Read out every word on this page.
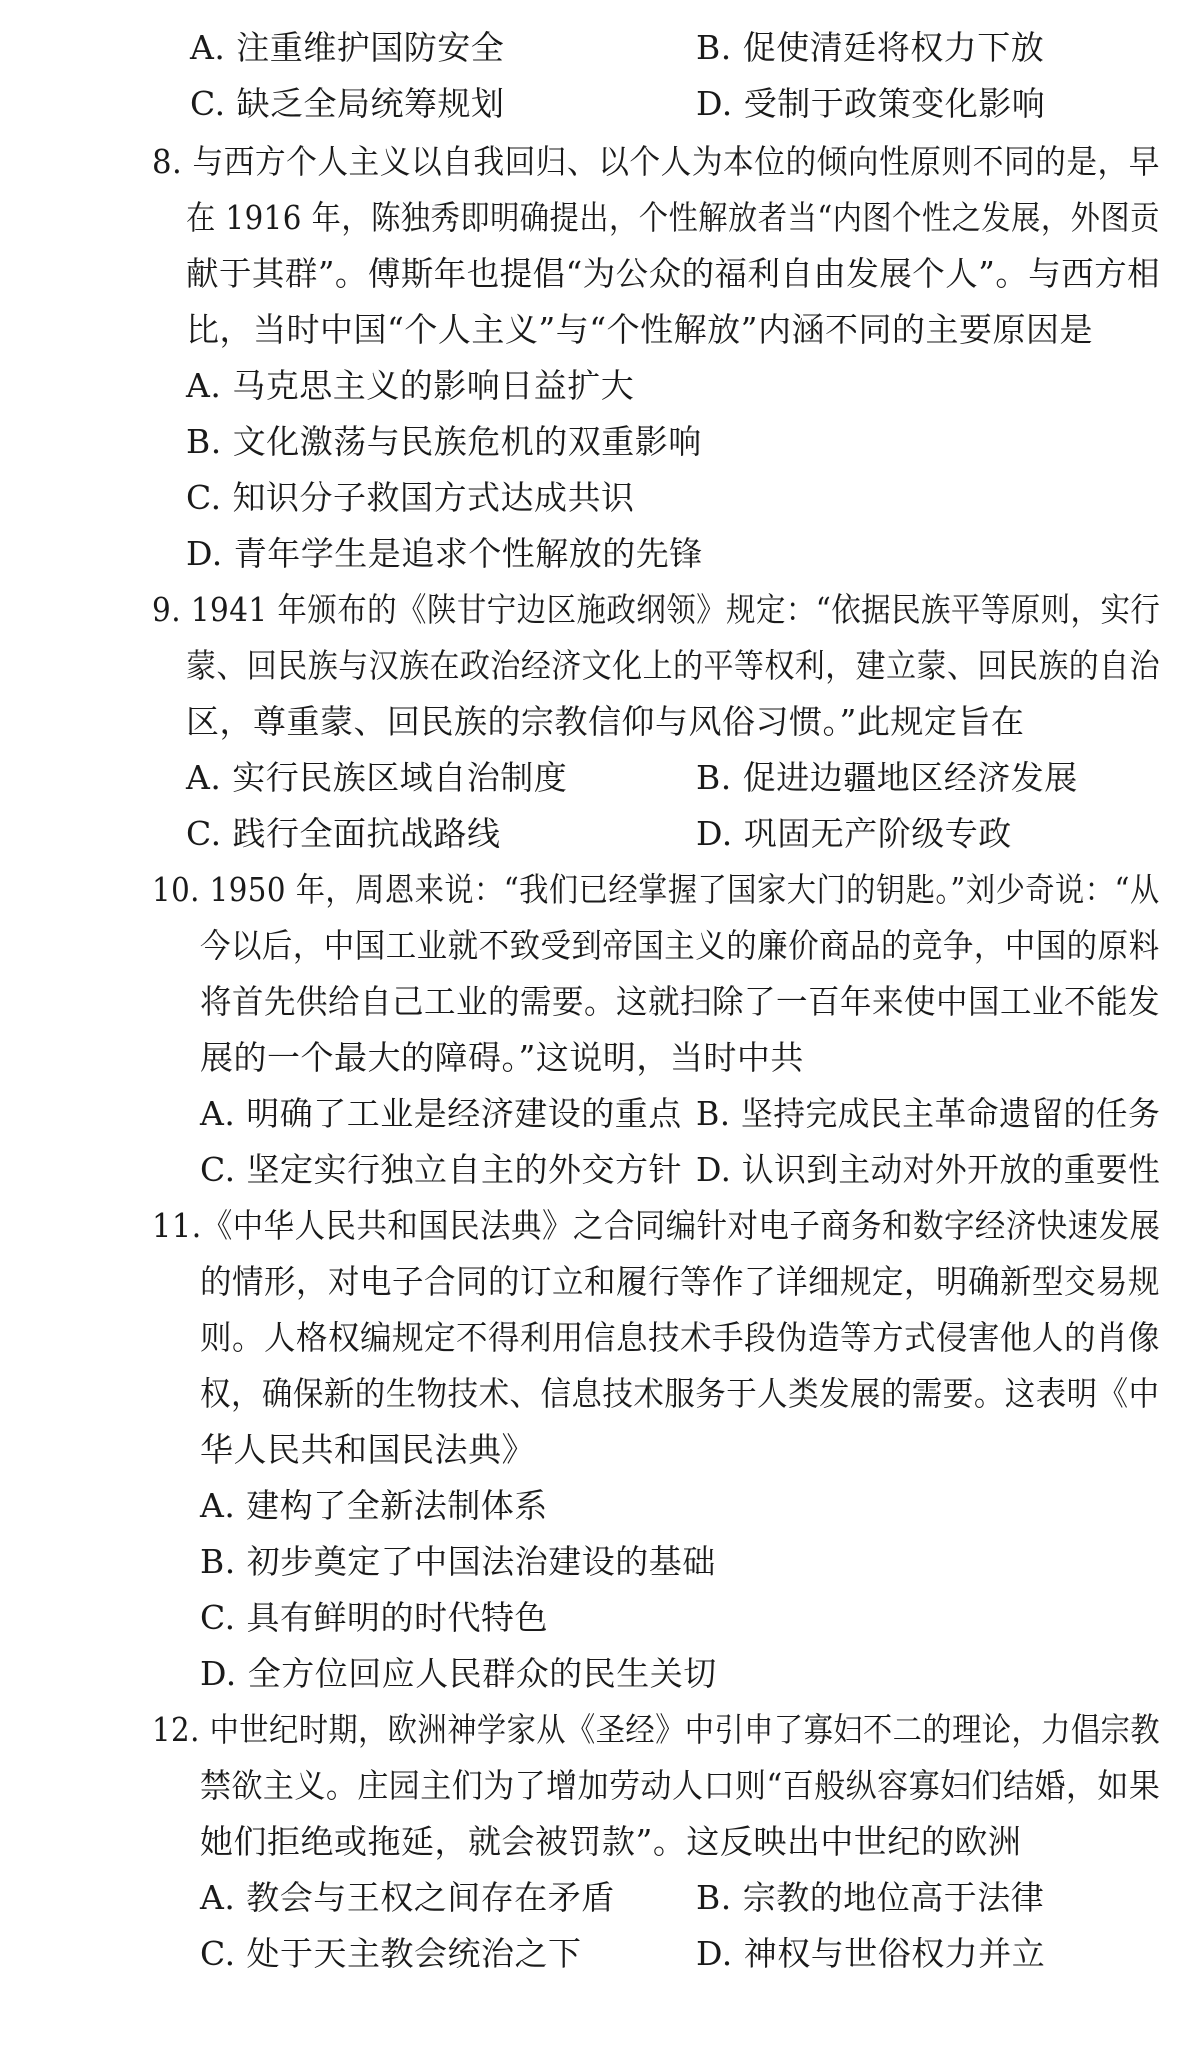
A. 注重维护国防安全	B. 促使清廷将权力下放
C. 缺乏全局统筹规划	D. 受制于政策变化影响
8. 与西方个人主义以自我回归、以个人为本位的倾向性原则不同的是，早
在 1916 年，陈独秀即明确提出，个性解放者当“内图个性之发展，外图贡
献于其群”。傅斯年也提倡“为公众的福利自由发展个人”。与西方相
比，当时中国“个人主义”与“个性解放”内涵不同的主要原因是
A. 马克思主义的影响日益扩大
B. 文化激荡与民族危机的双重影响
C. 知识分子救国方式达成共识
D. 青年学生是追求个性解放的先锋
9. 1941 年颁布的《陕甘宁边区施政纲领》规定：“依据民族平等原则，实行
蒙、回民族与汉族在政治经济文化上的平等权利，建立蒙、回民族的自治
区，尊重蒙、回民族的宗教信仰与风俗习惯。”此规定旨在
A. 实行民族区域自治制度	B. 促进边疆地区经济发展
C. 践行全面抗战路线	D. 巩固无产阶级专政
10. 1950 年，周恩来说：“我们已经掌握了国家大门的钥匙。”刘少奇说：“从
今以后，中国工业就不致受到帝国主义的廉价商品的竞争，中国的原料
将首先供给自己工业的需要。这就扫除了一百年来使中国工业不能发
展的一个最大的障碍。”这说明，当时中共
A. 明确了工业是经济建设的重点 B. 坚持完成民主革命遗留的任务
C. 坚定实行独立自主的外交方针 D. 认识到主动对外开放的重要性
11.《中华人民共和国民法典》之合同编针对电子商务和数字经济快速发展
的情形，对电子合同的订立和履行等作了详细规定，明确新型交易规
则。人格权编规定不得利用信息技术手段伪造等方式侵害他人的肖像
权，确保新的生物技术、信息技术服务于人类发展的需要。这表明《中
华人民共和国民法典》
A. 建构了全新法制体系
B. 初步奠定了中国法治建设的基础
C. 具有鲜明的时代特色
D. 全方位回应人民群众的民生关切
12. 中世纪时期，欧洲神学家从《圣经》中引申了寡妇不二的理论，力倡宗教
禁欲主义。庄园主们为了增加劳动人口则“百般纵容寡妇们结婚，如果
她们拒绝或拖延，就会被罚款”。这反映出中世纪的欧洲
A. 教会与王权之间存在矛盾 B. 宗教的地位高于法律
C. 处于天主教会统治之下	D. 神权与世俗权力并立
